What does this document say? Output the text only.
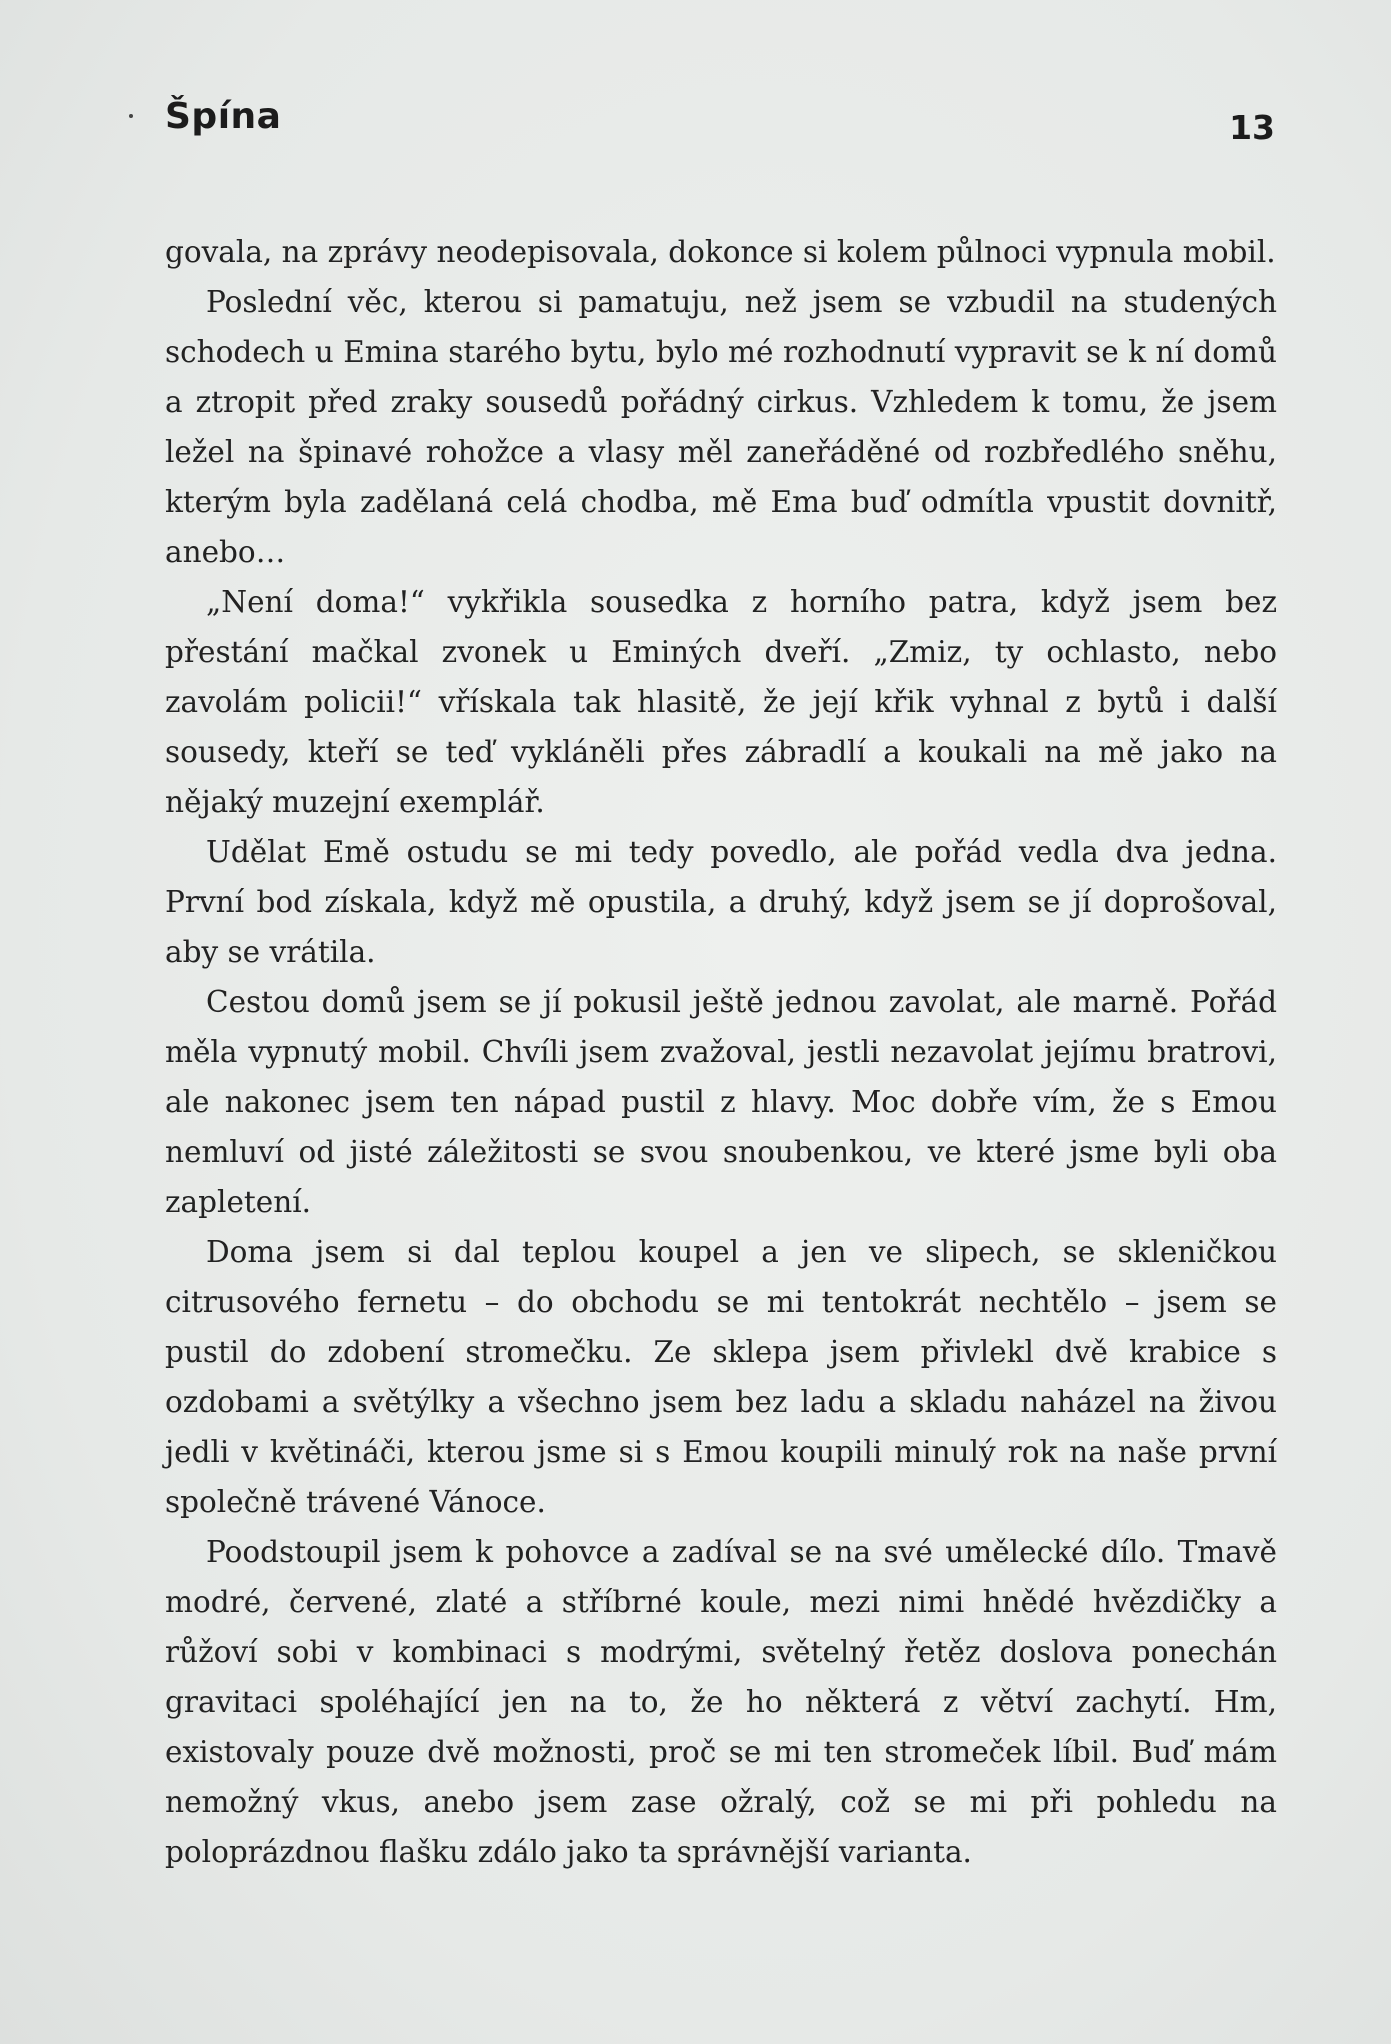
Špína	13

govala, na zprávy neodepisovala, dokonce si kolem půlnoci vypnula mobil.

Poslední věc, kterou si pamatuju, než jsem se vzbudil na studených schodech u Emina starého bytu, bylo mé rozhodnutí vypravit se k ní domů a ztropit před zraky sousedů pořádný cirkus. Vzhledem k tomu, že jsem ležel na špinavé rohožce a vlasy měl zaneřáděné od rozbředlého sněhu, kterým byla zadělaná celá chodba, mě Ema buď odmítla vpustit dovnitř, anebo…

„Není doma!“ vykřikla sousedka z horního patra, když jsem bez přestání mačkal zvonek u Eminých dveří. „Zmiz, ty ochlasto, nebo zavolám policii!“ vřískala tak hlasitě, že její křik vyhnal z bytů i další sousedy, kteří se teď vykláněli přes zábradlí a koukali na mě jako na nějaký muzejní exemplář.

Udělat Emě ostudu se mi tedy povedlo, ale pořád vedla dva jedna. První bod získala, když mě opustila, a druhý, když jsem se jí doprošoval, aby se vrátila.

Cestou domů jsem se jí pokusil ještě jednou zavolat, ale marně. Pořád měla vypnutý mobil. Chvíli jsem zvažoval, jestli nezavolat jejímu bratrovi, ale nakonec jsem ten nápad pustil z hlavy. Moc dobře vím, že s Emou nemluví od jisté záležitosti se svou snoubenkou, ve které jsme byli oba zapletení.

Doma jsem si dal teplou koupel a jen ve slipech, se skleničkou citrusového fernetu – do obchodu se mi tentokrát nechtělo – jsem se pustil do zdobení stromečku. Ze sklepa jsem přivlekl dvě krabice s ozdobami a světýlky a všechno jsem bez ladu a skladu naházel na živou jedli v květináči, kterou jsme si s Emou koupili minulý rok na naše první společně trávené Vánoce.

Poodstoupil jsem k pohovce a zadíval se na své umělecké dílo. Tmavě modré, červené, zlaté a stříbrné koule, mezi nimi hnědé hvězdičky a růžoví sobi v kombinaci s modrými, světelný řetěz doslova ponechán gravitaci spoléhající jen na to, že ho některá z větví zachytí. Hm, existovaly pouze dvě možnosti, proč se mi ten stromeček líbil. Buď mám nemožný vkus, anebo jsem zase ožralý, což se mi při pohledu na poloprázdnou flašku zdálo jako ta správnější varianta.
